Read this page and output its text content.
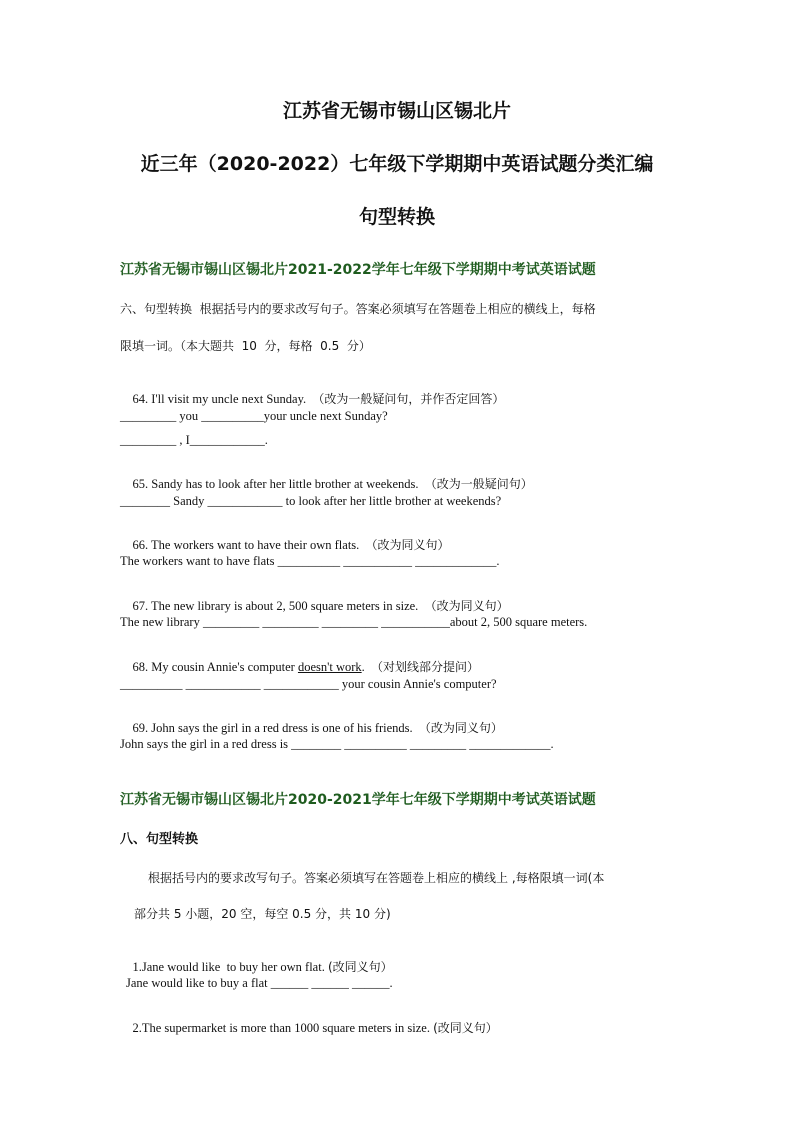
江苏省无锡市锡山区锡北片
近三年（2020-2022）七年级下学期期中英语试题分类汇编
句型转换
江苏省无锡市锡山区锡北片2021-2022学年七年级下学期期中考试英语试题
六、句型转换  根据括号内的要求改写句子。答案必须填写在答题卷上相应的横线上，每格
限填一词。（本大题共  10  分，每格  0.5  分）

64. I'll visit my uncle next Sunday. （改为一般疑问句，并作否定回答）

_________ you __________your uncle next Sunday?
_________ , I____________.

65. Sandy has to look after her little brother at weekends. （改为一般疑问句）

________ Sandy ____________ to look after her little brother at weekends?

66. The workers want to have their own flats. （改为同义句）

The workers want to have flats __________ ___________ _____________.

67. The new library is about 2, 500 square meters in size. （改为同义句）

The new library _________ _________ _________ ___________about 2, 500 square meters.

68. My cousin Annie's computer doesn't work. （对划线部分提问）

__________ ____________ ____________ your cousin Annie's computer?

69. John says the girl in a red dress is one of his friends. （改为同义句）

John says the girl in a red dress is ________ __________ _________ _____________.
江苏省无锡市锡山区锡北片2020-2021学年七年级下学期期中考试英语试题
八、句型转换
根据括号内的要求改写句子。答案必须填写在答题卷上相应的横线上 ,每格限填一词(本
部分共 5 小题，20 空，每空 0.5 分，共 10 分)

1.Jane would like  to buy her own flat. (改同义句）

Jane would like to buy a flat ______ ______ ______.

2.The supermarket is more than 1000 square meters in size. (改同义句）
